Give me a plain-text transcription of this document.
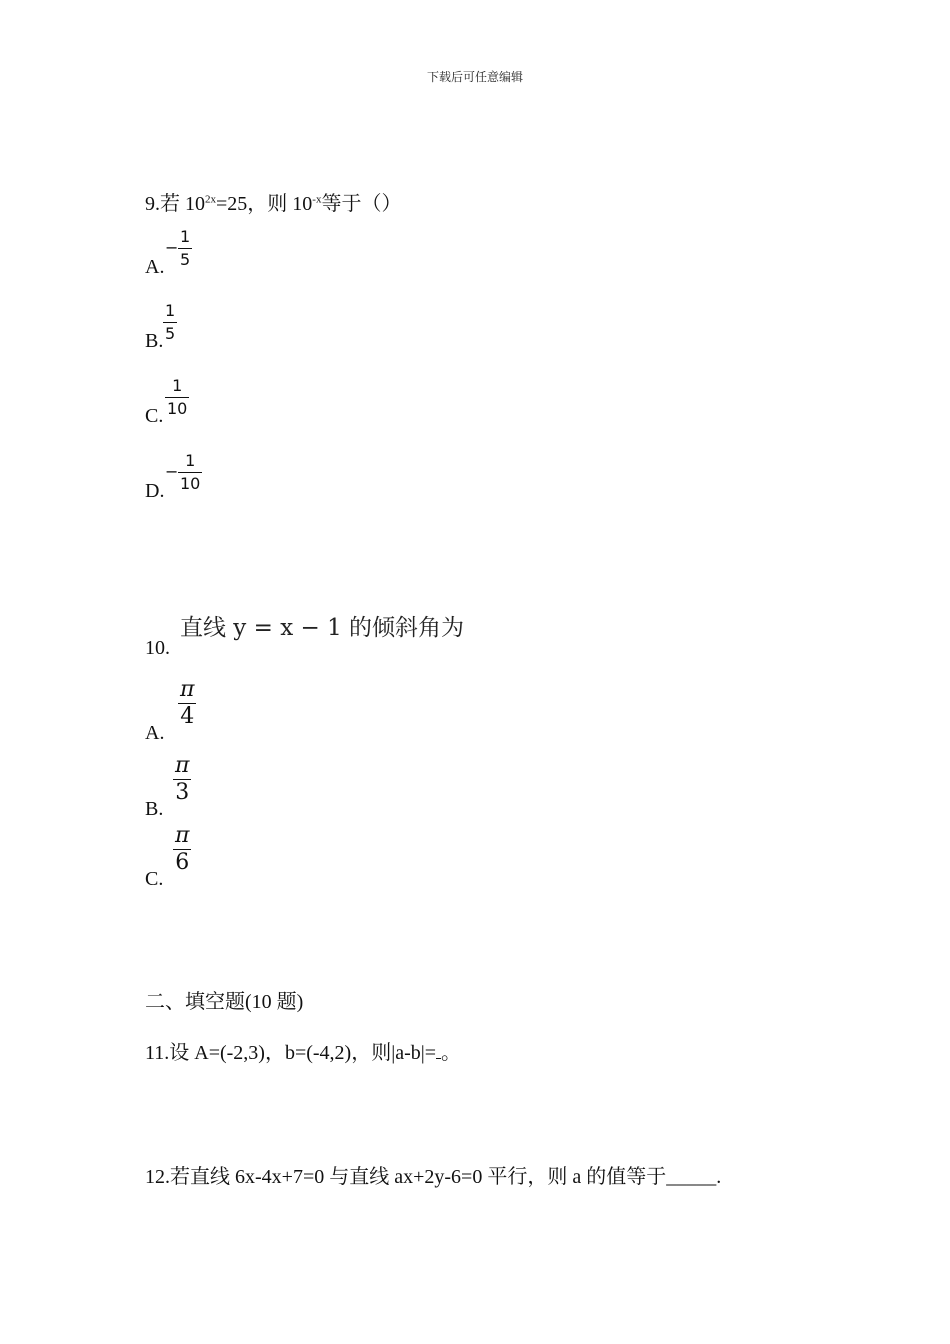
下载后可任意编辑
9.若 $10^{2x}=25$，则 $10^{-x}$等于（）
A.
−
1
5
B.
1
5
C.
1
10
D.
−
1
10
直线 y = x − 1 的倾斜角为
10.
A.
π
4
B.
π
3
C.
π
6
二、填空题(10 题)
11.设 A=(-2,3)，b=(-4,2)，则|a-b|= 。
12.若直线 6x-4x+7=0 与直线 ax+2y-6=0 平行，则 a 的值等于_____.
